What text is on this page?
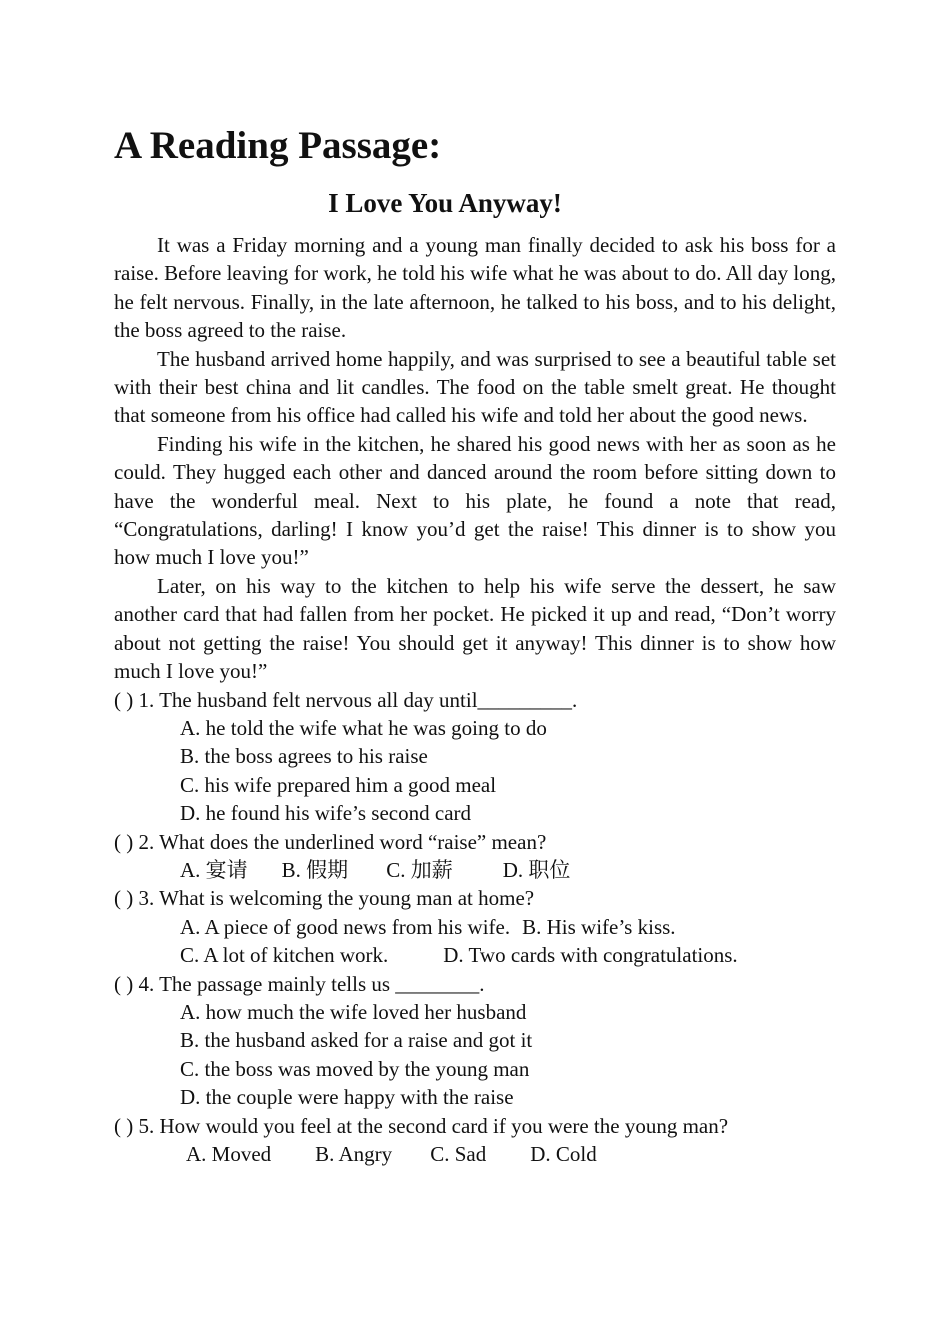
A Reading Passage:
I Love You Anyway!

It was a Friday morning and a young man finally decided to ask his boss for a raise. Before leaving for work, he told his wife what he was about to do. All day long, he felt nervous. Finally, in the late afternoon, he talked to his boss, and to his delight, the boss agreed to the raise.

The husband arrived home happily, and was surprised to see a beautiful table set with their best china and lit candles. The food on the table smelt great. He thought that someone from his office had called his wife and told her about the good news.

Finding his wife in the kitchen, he shared his good news with her as soon as he could. They hugged each other and danced around the room before sitting down to have the wonderful meal. Next to his plate, he found a note that read, “Congratulations, darling! I know you’d get the raise! This dinner is to show you how much I love you!”

Later, on his way to the kitchen to help his wife serve the dessert, he saw another card that had fallen from her pocket. He picked it up and read, “Don’t worry about not getting the raise! You should get it anyway! This dinner is to show how much I love you!”

( ) 1. The husband felt nervous all day until_________.

A. he told the wife what he was going to do

B. the boss agrees to his raise

C. his wife prepared him a good meal

D. he found his wife’s second card

( ) 2. What does the underlined word “raise” mean?

A. 宴请 B. 假期 C. 加薪 D. 职位

( ) 3. What is welcoming the young man at home?

A. A piece of good news from his wife. B. His wife’s kiss.

C. A lot of kitchen work.	D. Two cards with congratulations.

( ) 4. The passage mainly tells us ________.

A. how much the wife loved her husband

B. the husband asked for a raise and got it

C. the boss was moved by the young man

D. the couple were happy with the raise

( ) 5. How would you feel at the second card if you were the young man?

A. Moved B. Angry C. Sad D. Cold
